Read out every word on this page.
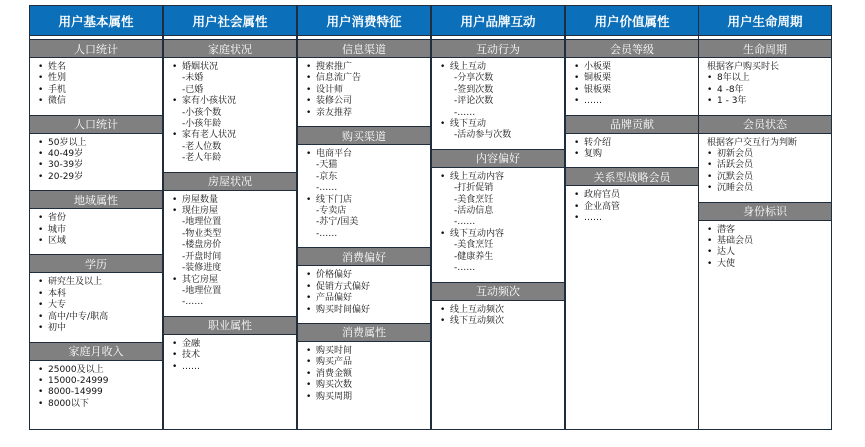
用户基本属性
人口统计
• 姓名
• 性别
• 手机
• 微信
人口统计
• 50岁以上
• 40-49岁
• 30-39岁
• 20-29岁
地域属性
• 省份
• 城市
• 区域
学历
• 研究生及以上
• 本科
• 大专
• 高中/中专/职高
• 初中
家庭月收入
• 25000及以上
• 15000-24999
• 8000-14999
• 8000以下
用户社会属性
家庭状况
• 婚姻状况
-未婚
-已婚
• 家有小孩状况
-小孩个数
-小孩年龄
• 家有老人状况
-老人位数
-老人年龄
房屋状况
• 房屋数量
• 现住房屋
-地理位置
-物业类型
-楼盘房价
-开盘时间
-装修进度
• 其它房屋
-地理位置
-……
职业属性
• 金融
• 技术
• ……
用户消费特征
信息渠道
• 搜索推广
• 信息流广告
• 设计师
• 装修公司
• 亲友推荐
购买渠道
• 电商平台
-天猫
-京东
-……
• 线下门店
-专卖店
-苏宁/国美
-……
消费偏好
• 价格偏好
• 促销方式偏好
• 产品偏好
• 购买时间偏好
消费属性
• 购买时间
• 购买产品
• 消费金额
• 购买次数
• 购买周期
用户品牌互动
互动行为
• 线上互动
-分享次数
-签到次数
-评论次数
-……
• 线下互动
-活动参与次数
内容偏好
• 线上互动内容
-打折促销
-美食烹饪
-活动信息
-……
• 线下互动内容
-美食烹饪
-健康养生
-……
互动频次
• 线上互动频次
• 线下互动频次
用户价值属性
会员等级
• 小板栗
• 铜板栗
• 银板栗
• ……
品牌贡献
• 转介绍
• 复购
关系型战略会员
• 政府官员
• 企业高管
• ……
用户生命周期
生命周期
根据客户购买时长
• 8年以上
• 4 -8年
• 1 - 3年
会员状态
根据客户交互行为判断
• 初新会员
• 活跃会员
• 沉默会员
• 沉睡会员
身份标识
• 潜客
• 基础会员
• 达人
• 大使
